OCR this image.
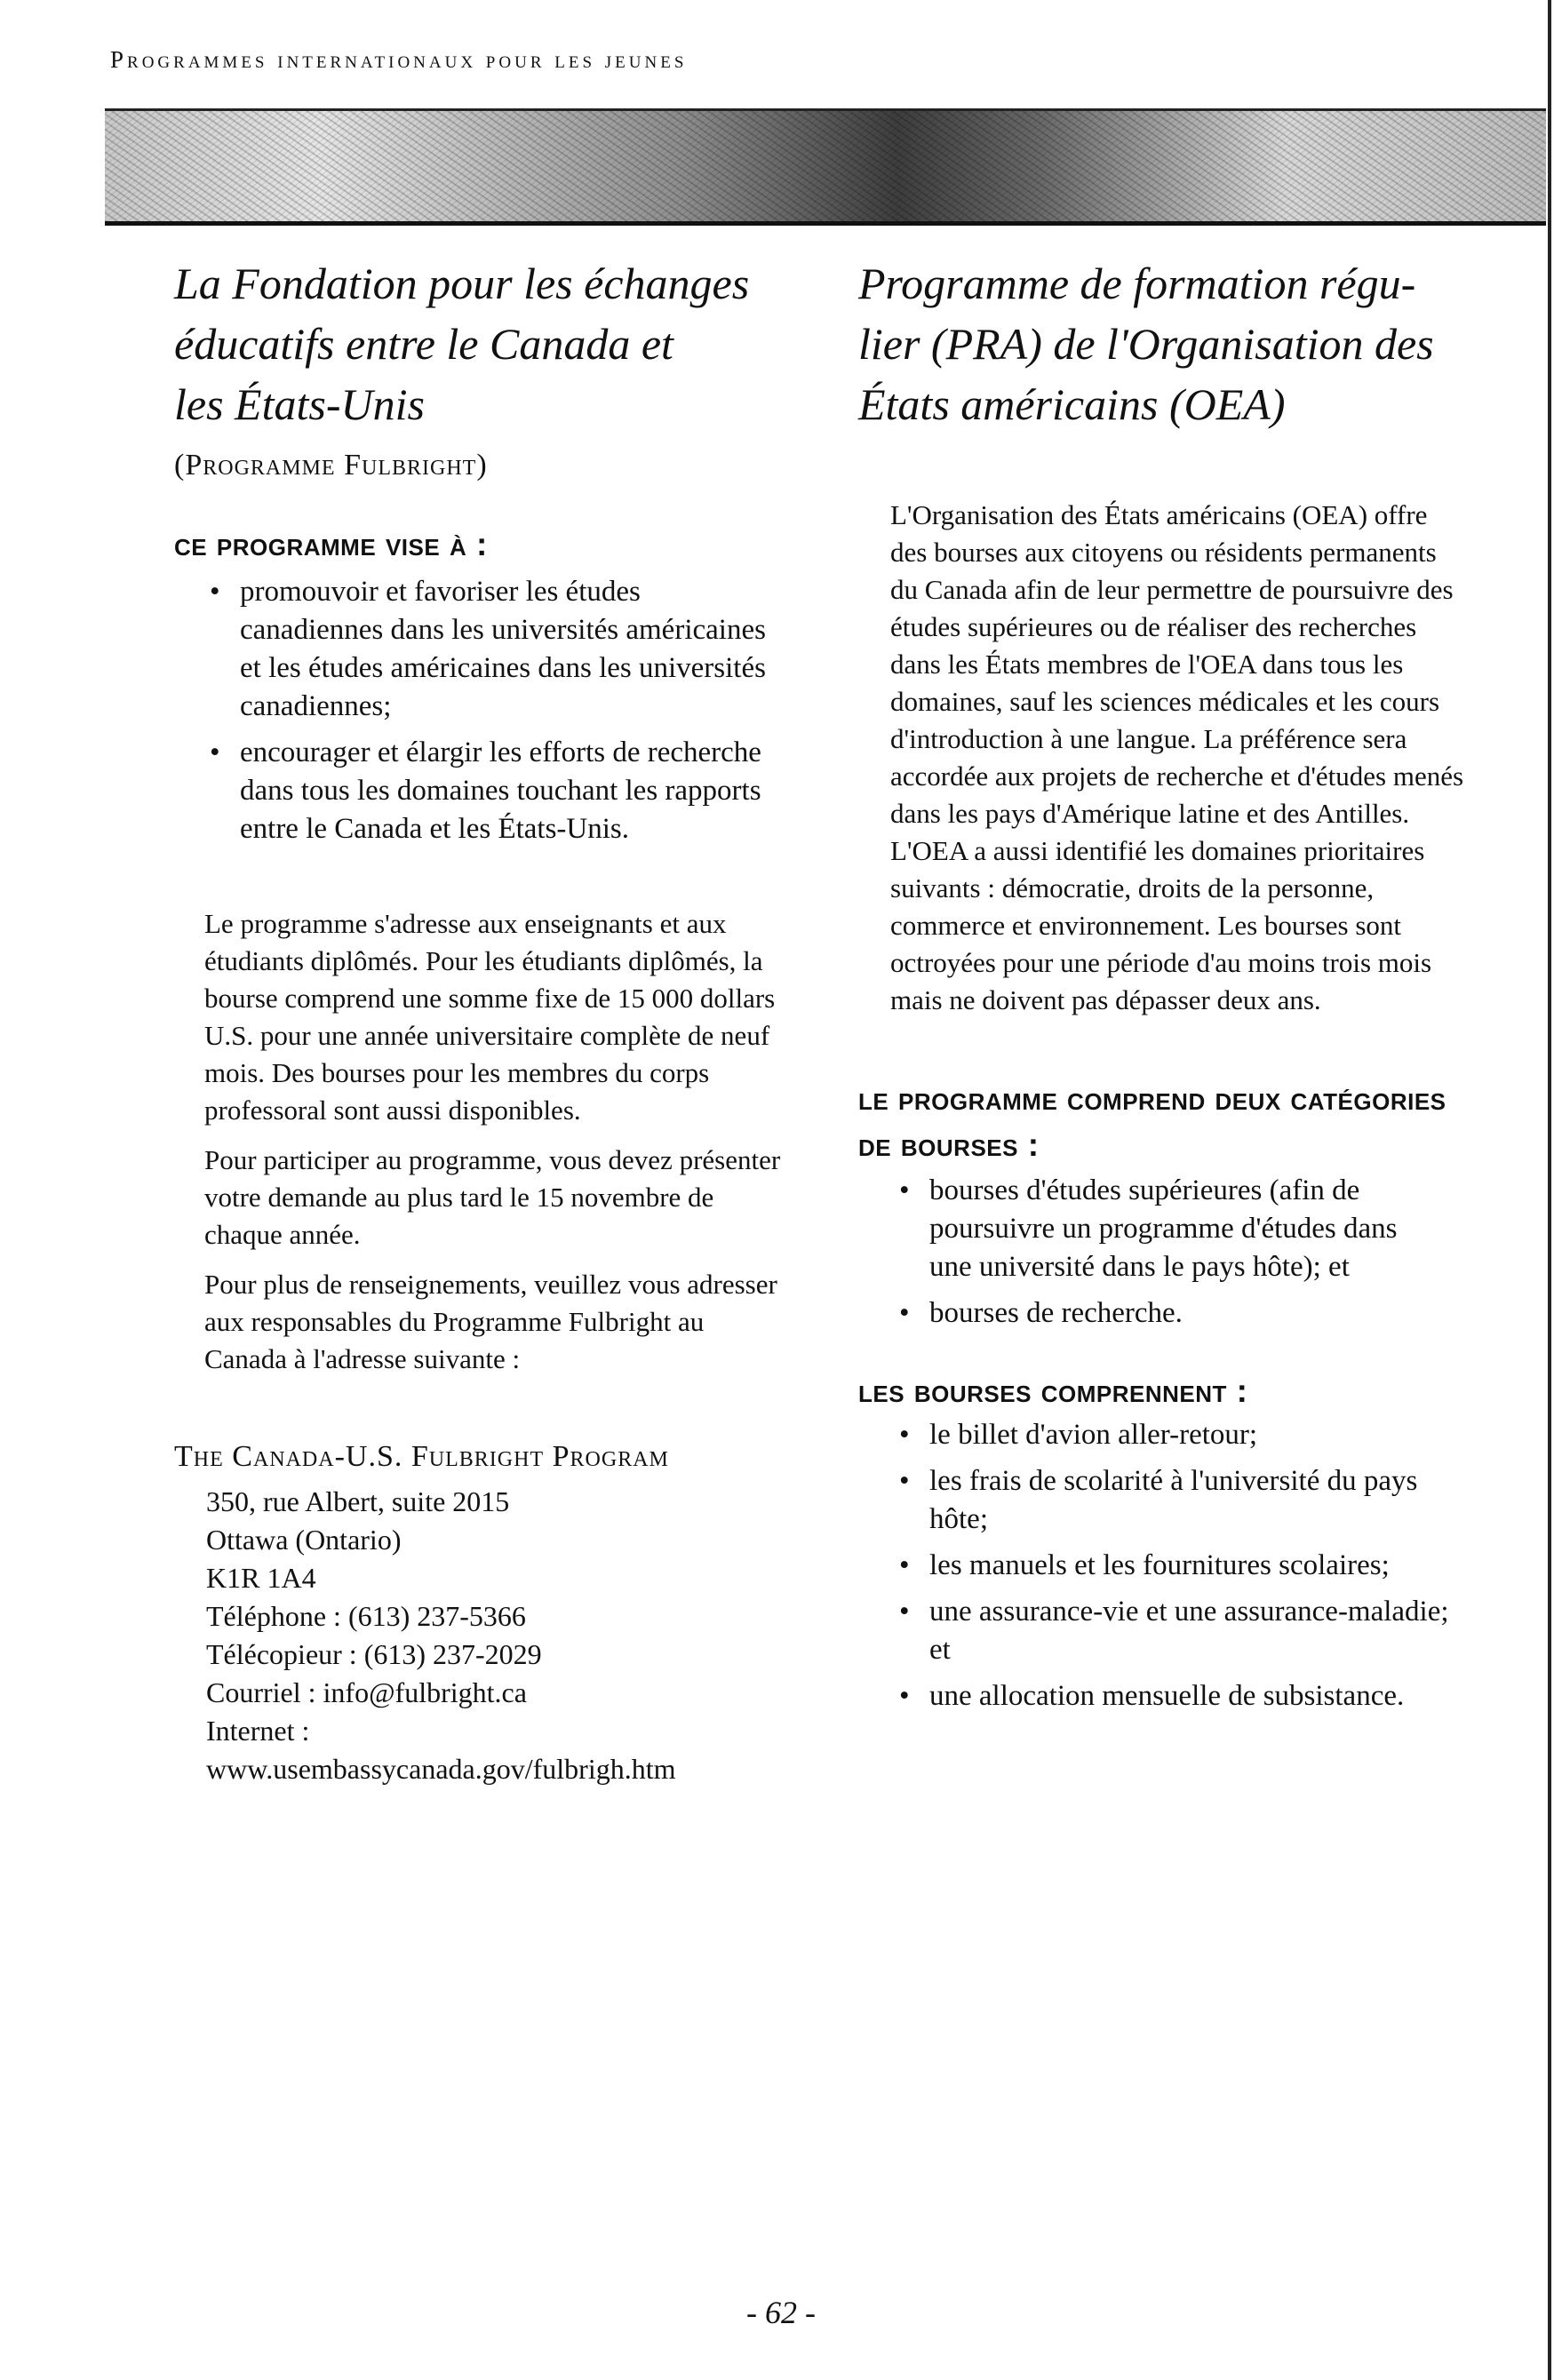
Programmes internationaux pour les jeunes
La Fondation pour les échanges
éducatifs entre le Canada et
les États-Unis
(Programme Fulbright)
ce programme vise à :
• promouvoir et favoriser les études canadiennes dans les universités américaines et les études américaines dans les universités canadiennes;
• encourager et élargir les efforts de recherche dans tous les domaines touchant les rapports entre le Canada et les États-Unis.

Le programme s'adresse aux enseignants et aux étudiants diplômés. Pour les étudiants diplômés, la bourse comprend une somme fixe de 15 000 dollars U.S. pour une année universitaire complète de neuf mois. Des bourses pour les membres du corps professoral sont aussi disponibles.

Pour participer au programme, vous devez présenter votre demande au plus tard le 15 novembre de chaque année.

Pour plus de renseignements, veuillez vous adresser aux responsables du Programme Fulbright au Canada à l'adresse suivante :

The Canada-U.S. Fulbright Program
350, rue Albert, suite 2015
Ottawa (Ontario)
K1R 1A4
Téléphone : (613) 237-5366
Télécopieur : (613) 237-2029
Courriel : info@fulbright.ca
Internet :
www.usembassycanada.gov/fulbrigh.htm
Programme de formation régu-
lier (PRA) de l'Organisation des
États américains (OEA)

L'Organisation des États américains (OEA) offre des bourses aux citoyens ou résidents permanents du Canada afin de leur permettre de poursuivre des études supérieures ou de réaliser des recherches dans les États membres de l'OEA dans tous les domaines, sauf les sciences médicales et les cours d'introduction à une langue. La préférence sera accordée aux projets de recherche et d'études menés dans les pays d'Amérique latine et des Antilles. L'OEA a aussi identifié les domaines prioritaires suivants : démocratie, droits de la personne, commerce et environnement. Les bourses sont octroyées pour une période d'au moins trois mois mais ne doivent pas dépasser deux ans.

le programme comprend deux catégories de bourses :
• bourses d'études supérieures (afin de poursuivre un programme d'études dans une université dans le pays hôte); et
• bourses de recherche.
les bourses comprennent :
• le billet d'avion aller-retour;
• les frais de scolarité à l'université du pays hôte;
• les manuels et les fournitures scolaires;
• une assurance-vie et une assurance-maladie; et
• une allocation mensuelle de subsistance.
- 62 -
